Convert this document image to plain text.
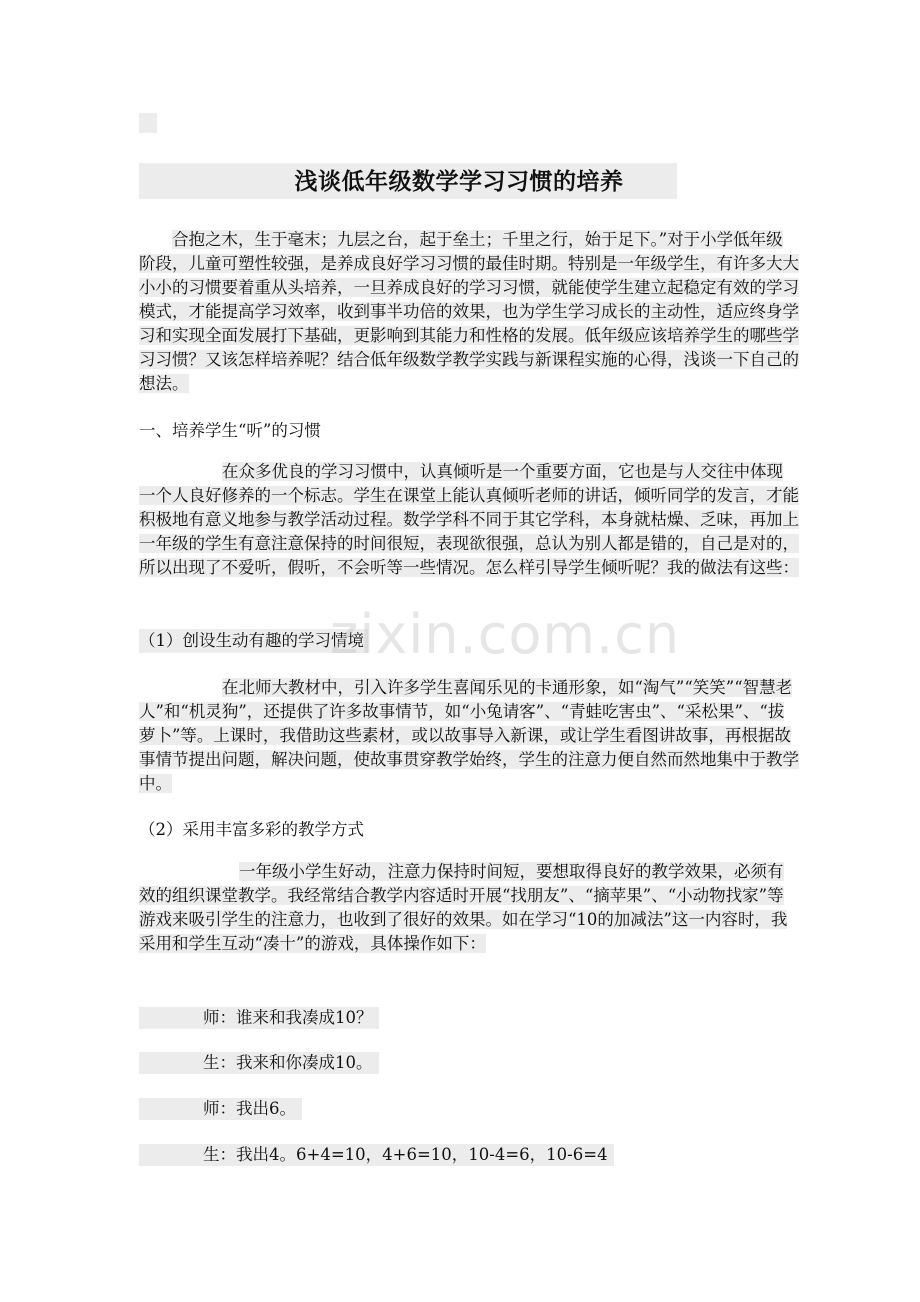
浅谈低年级数学学习习惯的培养

合抱之木，生于毫末；九层之台，起于垒土；千里之行，始于足下。”对于小学低年级阶段，儿童可塑性较强，是养成良好学习习惯的最佳时期。特别是一年级学生，有许多大大小小的习惯要着重从头培养，一旦养成良好的学习习惯，就能使学生建立起稳定有效的学习模式，才能提高学习效率，收到事半功倍的效果，也为学生学习成长的主动性，适应终身学习和实现全面发展打下基础，更影响到其能力和性格的发展。低年级应该培养学生的哪些学习习惯？又该怎样培养呢？结合低年级数学教学实践与新课程实施的心得，浅谈一下自己的想法。

一、培养学生“听”的习惯

在众多优良的学习习惯中，认真倾听是一个重要方面，它也是与人交往中体现一个人良好修养的一个标志。学生在课堂上能认真倾听老师的讲话，倾听同学的发言，才能积极地有意义地参与教学活动过程。数学学科不同于其它学科，本身就枯燥、乏味，再加上一年级的学生有意注意保持的时间很短，表现欲很强，总认为别人都是错的，自己是对的，所以出现了不爱听，假听，不会听等一些情况。怎么样引导学生倾听呢？我的做法有这些：

（1）创设生动有趣的学习情境

在北师大教材中，引入许多学生喜闻乐见的卡通形象，如“淘气”“笑笑”“智慧老人”和“机灵狗”，还提供了许多故事情节，如“小兔请客”、“青蛙吃害虫”、“采松果”、“拔萝卜”等。上课时，我借助这些素材，或以故事导入新课，或让学生看图讲故事，再根据故事情节提出问题，解决问题，使故事贯穿教学始终，学生的注意力便自然而然地集中于教学中。

（2）采用丰富多彩的教学方式

一年级小学生好动，注意力保持时间短，要想取得良好的教学效果，必须有效的组织课堂教学。我经常结合教学内容适时开展“找朋友”、“摘苹果”、“小动物找家”等游戏来吸引学生的注意力，也收到了很好的效果。如在学习“10的加减法”这一内容时，我采用和学生互动“凑十”的游戏，具体操作如下：

师：谁来和我凑成10？
生：我来和你凑成10。
师：我出6。
生：我出4。6+4=10，4+6=10，10-4=6，10-6=4
zixin.com.cn
